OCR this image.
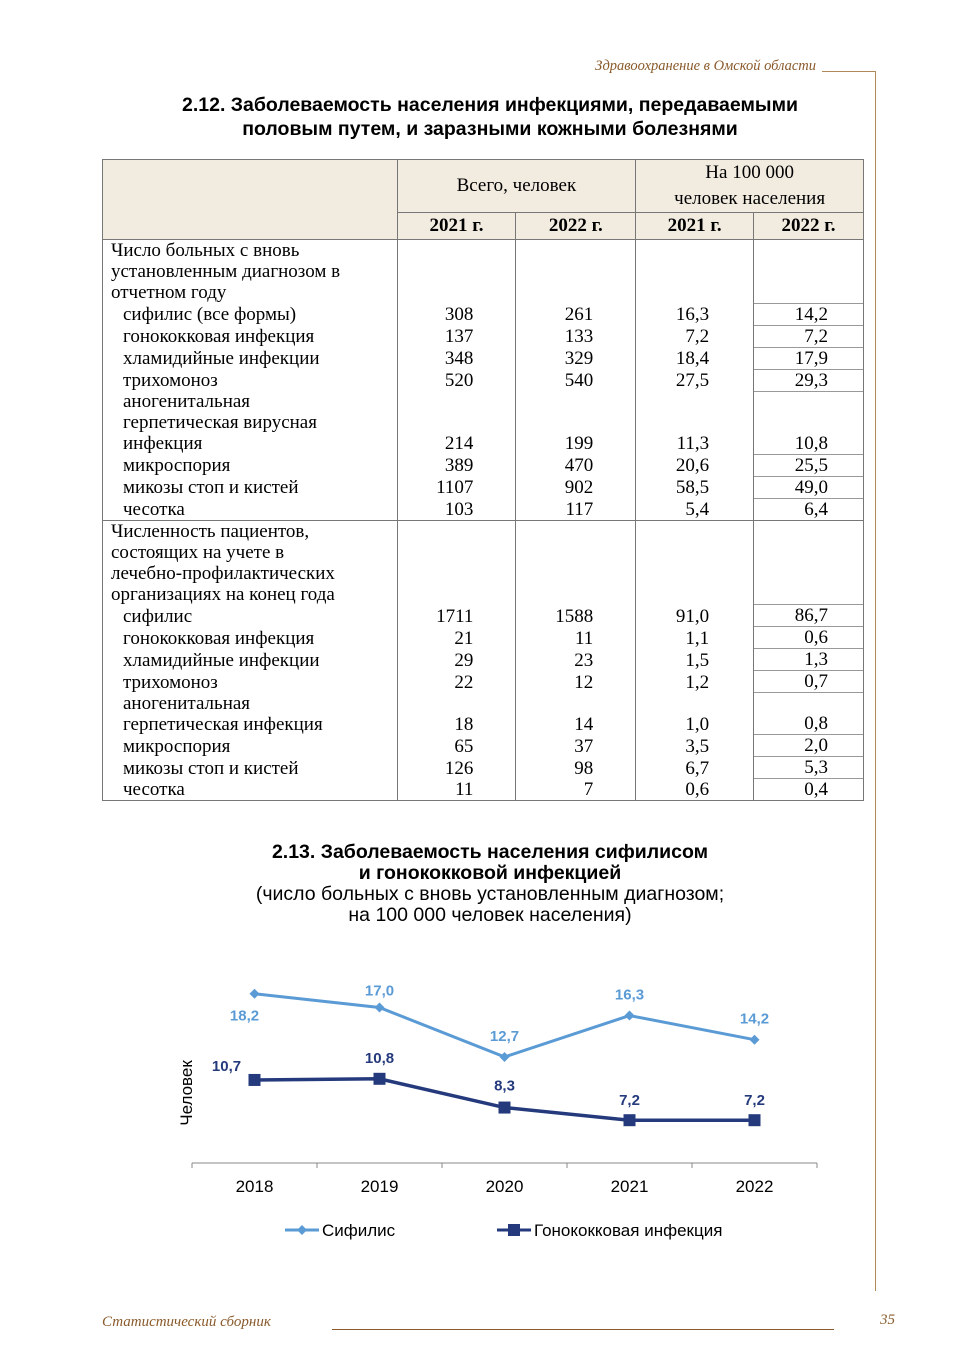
Здравоохранение в Омской области
2.12. Заболеваемость населения инфекциями, передаваемыми
половым путем, и заразными кожными болезнями
	Всего, человек		На 100 000
человек населения	

	2021 г.	2022 г.	2021 г.	2022 г.

Число больных с вновь
установленным диагнозом в
отчетном году				

сифилис (все формы)	308	261	16,3	14,2

гонококковая инфекция	137	133	7,2	7,2

хламидийные инфекции	348	329	18,4	17,9

трихомоноз	520	540	27,5	29,3

аногенитальная
герпетическая вирусная
инфекция	214	199	11,3	10,8

микроспория	389	470	20,6	25,5

микозы стоп и кистей	1107	902	58,5	49,0

чесотка	103	117	5,4	6,4

Численность пациентов,
состоящих на учете в
лечебно-профилактических
организациях на конец года				

сифилис	1711	1588	91,0	86,7

гонококковая инфекция	21	11	1,1	0,6

хламидийные инфекции	29	23	1,5	1,3

трихомоноз	22	12	1,2	0,7

аногенитальная
герпетическая инфекция	18	14	1,0	0,8

микроспория	65	37	3,5	2,0

микозы стоп и кистей	126	98	6,7	5,3

чесотка	11	7	0,6	0,4
2.13. Заболеваемость населения сифилисом
и гонококковой инфекцией
(число больных с вновь установленным диагнозом;
на 100 000 человек населения)
2018	2019	2020	2021	2022
Человек
18,2
17,0
12,7
16,3
14,2
10,7	10,8
8,3
7,2	7,2
Сифилис	Гонококковая инфекция
Статистический сборник	35
